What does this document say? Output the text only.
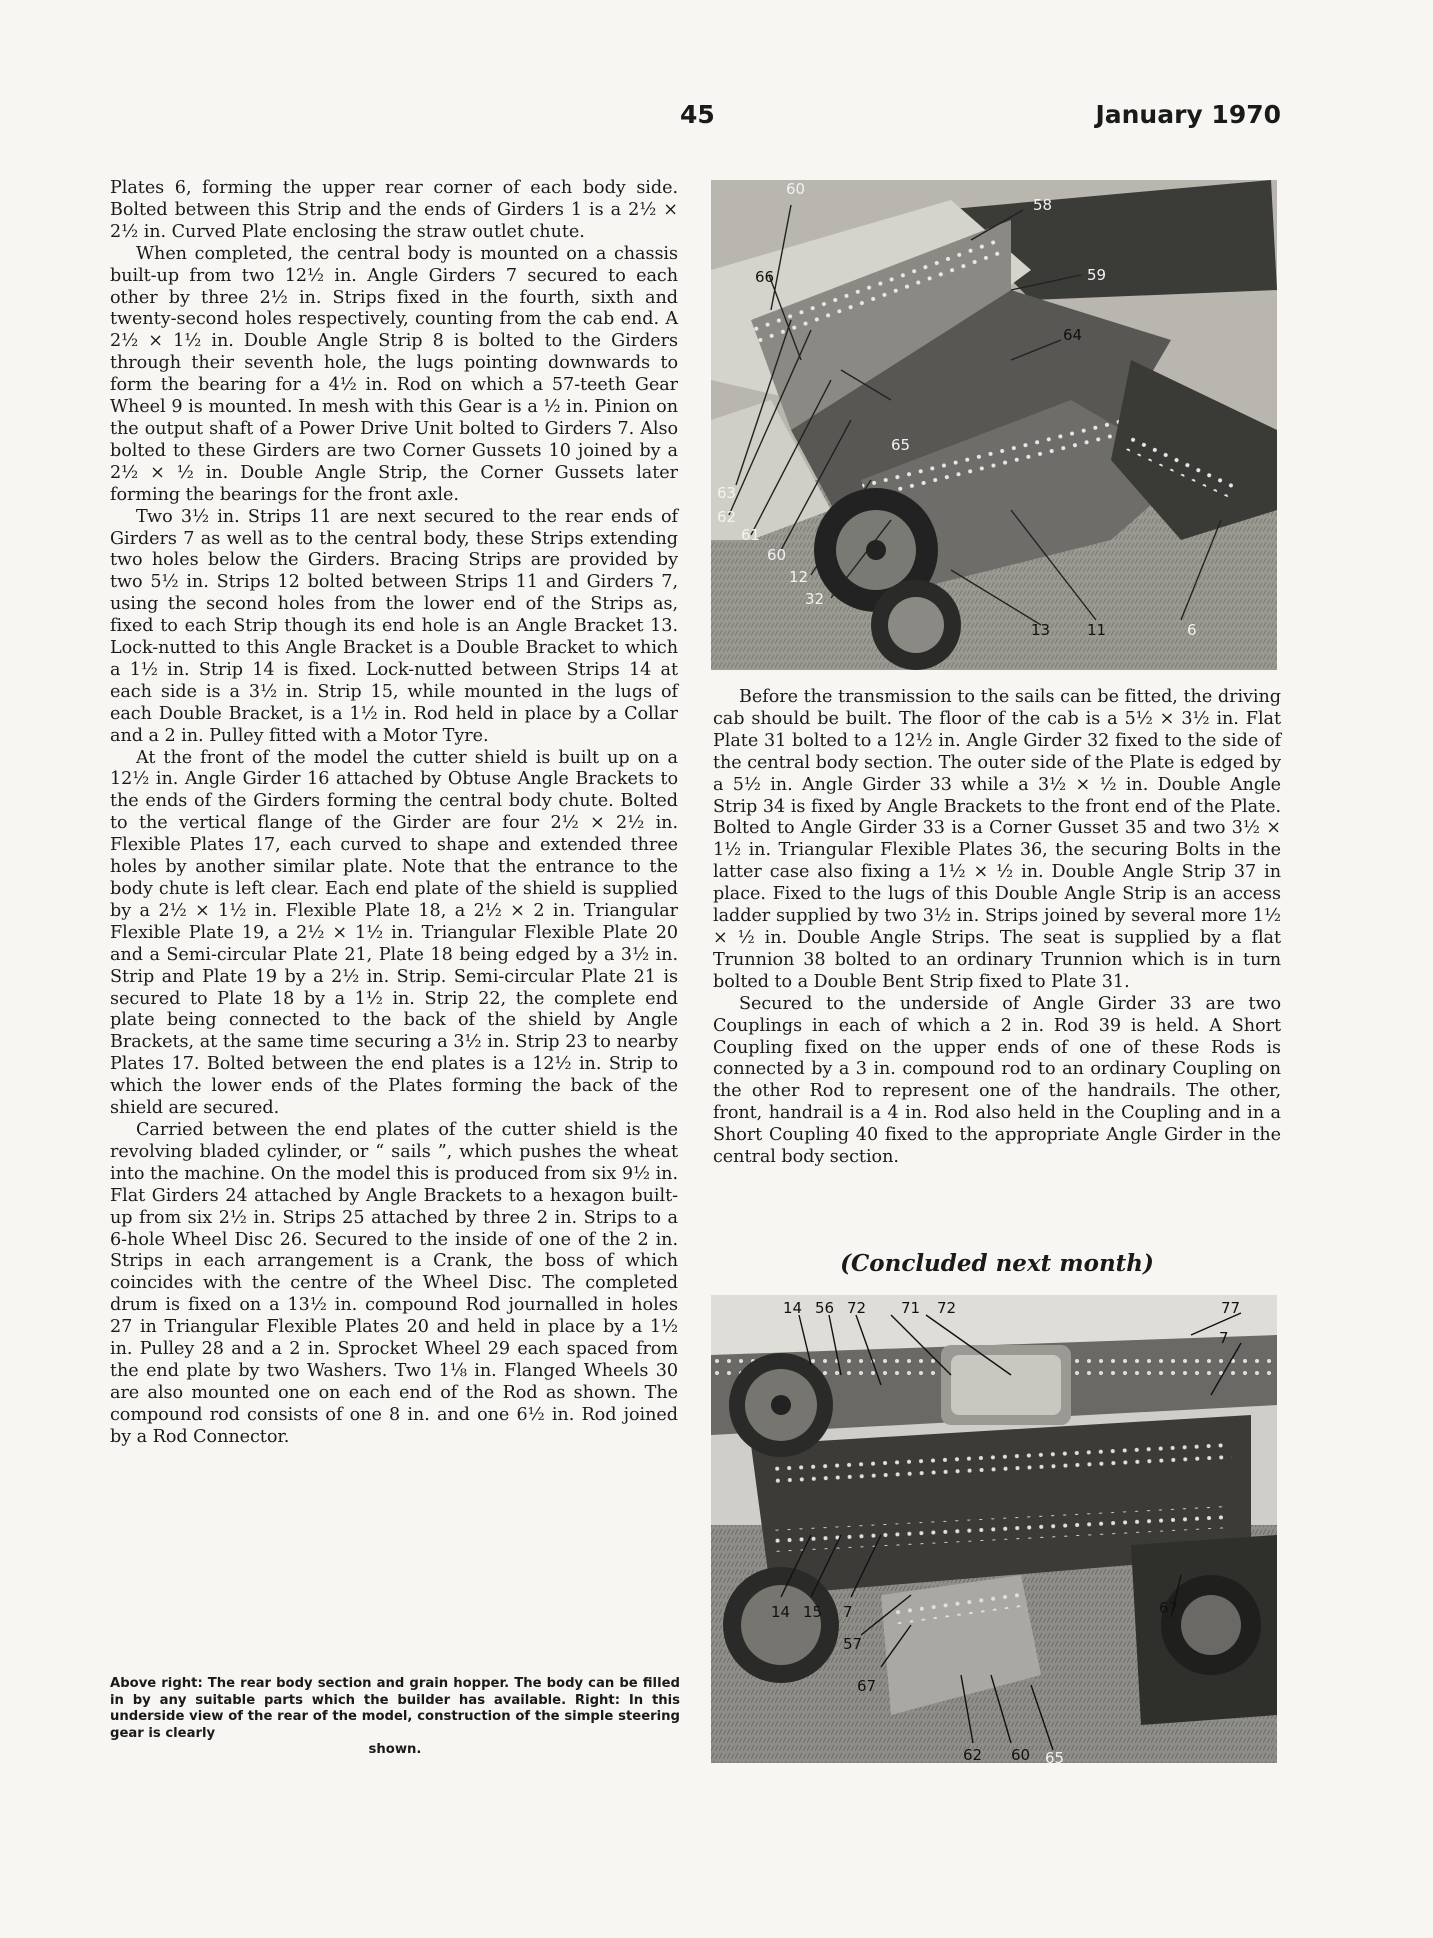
45	January 1970

Plates 6, forming the upper rear corner of each body side. Bolted between this Strip and the ends of Girders 1 is a 2½ × 2½ in. Curved Plate enclosing the straw outlet chute.

When completed, the central body is mounted on a chassis built-up from two 12½ in. Angle Girders 7 secured to each other by three 2½ in. Strips fixed in the fourth, sixth and twenty-second holes respectively, counting from the cab end. A 2½ × 1½ in. Double Angle Strip 8 is bolted to the Girders through their seventh hole, the lugs pointing downwards to form the bearing for a 4½ in. Rod on which a 57-teeth Gear Wheel 9 is mounted. In mesh with this Gear is a ½ in. Pinion on the output shaft of a Power Drive Unit bolted to Girders 7. Also bolted to these Girders are two Corner Gussets 10 joined by a 2½ × ½ in. Double Angle Strip, the Corner Gussets later forming the bearings for the front axle.

Two 3½ in. Strips 11 are next secured to the rear ends of Girders 7 as well as to the central body, these Strips extending two holes below the Girders. Bracing Strips are provided by two 5½ in. Strips 12 bolted between Strips 11 and Girders 7, using the second holes from the lower end of the Strips as, fixed to each Strip though its end hole is an Angle Bracket 13. Lock-nutted to this Angle Bracket is a Double Bracket to which a 1½ in. Strip 14 is fixed. Lock-nutted between Strips 14 at each side is a 3½ in. Strip 15, while mounted in the lugs of each Double Bracket, is a 1½ in. Rod held in place by a Collar and a 2 in. Pulley fitted with a Motor Tyre.

At the front of the model the cutter shield is built up on a 12½ in. Angle Girder 16 attached by Obtuse Angle Brackets to the ends of the Girders forming the central body chute. Bolted to the vertical flange of the Girder are four 2½ × 2½ in. Flexible Plates 17, each curved to shape and extended three holes by another similar plate. Note that the entrance to the body chute is left clear. Each end plate of the shield is supplied by a 2½ × 1½ in. Flexible Plate 18, a 2½ × 2 in. Triangular Flexible Plate 19, a 2½ × 1½ in. Triangular Flexible Plate 20 and a Semi-circular Plate 21, Plate 18 being edged by a 3½ in. Strip and Plate 19 by a 2½ in. Strip. Semi-circular Plate 21 is secured to Plate 18 by a 1½ in. Strip 22, the complete end plate being connected to the back of the shield by Angle Brackets, at the same time securing a 3½ in. Strip 23 to nearby Plates 17. Bolted between the end plates is a 12½ in. Strip to which the lower ends of the Plates forming the back of the shield are secured.

Carried between the end plates of the cutter shield is the revolving bladed cylinder, or “ sails ”, which pushes the wheat into the machine. On the model this is produced from six 9½ in. Flat Girders 24 attached by Angle Brackets to a hexagon built-up from six 2½ in. Strips 25 attached by three 2 in. Strips to a 6-hole Wheel Disc 26. Secured to the inside of one of the 2 in. Strips in each arrangement is a Crank, the boss of which coincides with the centre of the Wheel Disc. The completed drum is fixed on a 13½ in. compound Rod journalled in holes 27 in Triangular Flexible Plates 20 and held in place by a 1½ in. Pulley 28 and a 2 in. Sprocket Wheel 29 each spaced from the end plate by two Washers. Two 1⅛ in. Flanged Wheels 30 are also mounted one on each end of the Rod as shown. The compound rod consists of one 8 in. and one 6½ in. Rod joined by a Rod Connector.

Above right: The rear body section and grain hopper. The body can be filled in by any suitable parts which the builder has available. Right: In this underside view of the rear of the model, construction of the simple steering gear is clearly
shown.
60
58
66	59
64
65
63
62
61
60
12
32
13 11	6

Before the transmission to the sails can be fitted, the driving cab should be built. The floor of the cab is a 5½ × 3½ in. Flat Plate 31 bolted to a 12½ in. Angle Girder 32 fixed to the side of the central body section. The outer side of the Plate is edged by a 5½ in. Angle Girder 33 while a 3½ × ½ in. Double Angle Strip 34 is fixed by Angle Brackets to the front end of the Plate. Bolted to Angle Girder 33 is a Corner Gusset 35 and two 3½ × 1½ in. Triangular Flexible Plates 36, the securing Bolts in the latter case also fixing a 1½ × ½ in. Double Angle Strip 37 in place. Fixed to the lugs of this Double Angle Strip is an access ladder supplied by two 3½ in. Strips joined by several more 1½ × ½ in. Double Angle Strips. The seat is supplied by a flat Trunnion 38 bolted to an ordinary Trunnion which is in turn bolted to a Double Bent Strip fixed to Plate 31.

Secured to the underside of Angle Girder 33 are two Couplings in each of which a 2 in. Rod 39 is held. A Short Coupling fixed on the upper ends of one of these Rods is connected by a 3 in. compound rod to an ordinary Coupling on the other Rod to represent one of the handrails. The other, front, handrail is a 4 in. Rod also held in the Coupling and in a Short Coupling 40 fixed to the appropriate Angle Girder in the central body section.

(Concluded next month)
14 56 72 71 72	77
7
14 15 7
57
67
67
62 60 65
